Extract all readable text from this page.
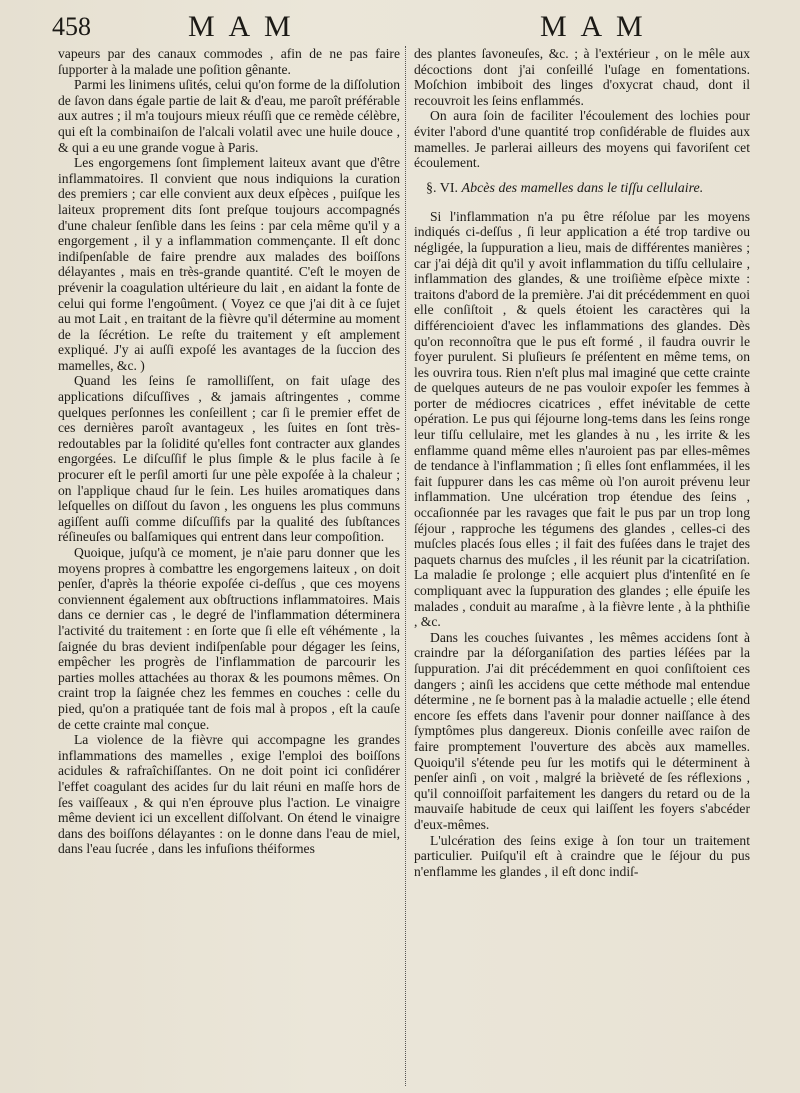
458	M A M	M A M

vapeurs par des canaux commodes , afin de ne pas faire ſupporter à la malade une poſition gênante.

Parmi les linimens uſités, celui qu'on forme de la diſſolution de ſavon dans égale partie de lait & d'eau, me paroît préférable aux autres ; il m'a toujours mieux réuſſi que ce remède célèbre, qui eſt la combinaiſon de l'alcali volatil avec une huile douce , & qui a eu une grande vogue à Paris.

Les engorgemens ſont ſimplement laiteux avant que d'être inflammatoires. Il convient que nous indiquions la curation des premiers ; car elle convient aux deux eſpèces , puiſque les laiteux proprement dits ſont preſque toujours accompagnés d'une chaleur ſenſible dans les ſeins : par cela même qu'il y a engorgement , il y a inflammation commençante. Il eſt donc indiſpenſable de faire prendre aux malades des boiſſons délayantes , mais en très-grande quantité. C'eſt le moyen de prévenir la coagulation ultérieure du lait , en aidant la fonte de celui qui forme l'engoûment. ( Voyez ce que j'ai dit à ce ſujet au mot Lait , en traitant de la fièvre qu'il détermine au moment de la ſécrétion. Le reſte du traitement y eſt amplement expliqué. J'y ai auſſi expoſé les avantages de la ſuccion des mamelles, &c. )

Quand les ſeins ſe ramolliſſent, on fait uſage des applications diſcuſſives , & jamais aſtringentes , comme quelques perſonnes les conſeillent ; car ſi le premier effet de ces dernières paroît avantageux , les ſuites en ſont très-redoutables par la ſolidité qu'elles font contracter aux glandes engorgées. Le diſcuſſif le plus ſimple & le plus facile à ſe procurer eſt le perſil amorti ſur une pèle expoſée à la chaleur ; on l'applique chaud ſur le ſein. Les huiles aromatiques dans leſquelles on diſſout du ſavon , les onguens les plus communs agiſſent auſſi comme diſcuſſifs par la qualité des ſubſtances réſineuſes ou balſamiques qui entrent dans leur compoſition.

Quoique, juſqu'à ce moment, je n'aie paru donner que les moyens propres à combattre les engorgemens laiteux , on doit penſer, d'après la théorie expoſée ci-deſſus , que ces moyens conviennent également aux obſtructions inflammatoires. Mais dans ce dernier cas , le degré de l'inflammation déterminera l'activité du traitement : en ſorte que ſi elle eſt véhémente , la ſaignée du bras devient indiſpenſable pour dégager les ſeins, empêcher les progrès de l'inflammation de parcourir les parties molles attachées au thorax & les poumons mêmes. On craint trop la ſaignée chez les femmes en couches : celle du pied, qu'on a pratiquée tant de fois mal à propos , eſt la cauſe de cette crainte mal conçue.

La violence de la fièvre qui accompagne les grandes inflammations des mamelles , exige l'emploi des boiſſons acidules & rafraîchiſſantes. On ne doit point ici conſidérer l'effet coagulant des acides ſur du lait réuni en maſſe hors de ſes vaiſſeaux , & qui n'en éprouve plus l'action. Le vinaigre même devient ici un excellent diſſolvant. On étend le vinaigre dans des boiſſons délayantes : on le donne dans l'eau de miel, dans l'eau ſucrée , dans les infuſions théiformes

des plantes ſavoneuſes, &c. ; à l'extérieur , on le mêle aux décoctions dont j'ai conſeillé l'uſage en fomentations. Moſchion imbiboit des linges d'oxycrat chaud, dont il recouvroit les ſeins enflammés.

On aura ſoin de faciliter l'écoulement des lochies pour éviter l'abord d'une quantité trop conſidérable de fluides aux mamelles. Je parlerai ailleurs des moyens qui favoriſent cet écoulement.

§. VI. Abcès des mamelles dans le tiſſu cellulaire.

Si l'inflammation n'a pu être réſolue par les moyens indiqués ci-deſſus , ſi leur application a été trop tardive ou négligée, la ſuppuration a lieu, mais de différentes manières ; car j'ai déjà dit qu'il y avoit inflammation du tiſſu cellulaire , inflammation des glandes, & une troiſième eſpèce mixte : traitons d'abord de la première. J'ai dit précédemment en quoi elle conſiſtoit , & quels étoient les caractères qui la différencioient d'avec les inflammations des glandes. Dès qu'on reconnoîtra que le pus eſt formé , il faudra ouvrir le foyer purulent. Si pluſieurs ſe préſentent en même tems, on les ouvrira tous. Rien n'eſt plus mal imaginé que cette crainte de quelques auteurs de ne pas vouloir expoſer les femmes à porter de médiocres cicatrices , effet inévitable de cette opération. Le pus qui ſéjourne long-tems dans les ſeins ronge leur tiſſu cellulaire, met les glandes à nu , les irrite & les enflamme quand même elles n'auroient pas par elles-mêmes de tendance à l'inflammation ; ſi elles ſont enflammées, il les fait ſuppurer dans les cas même où l'on auroit prévenu leur inflammation. Une ulcération trop étendue des ſeins , occaſionnée par les ravages que fait le pus par un trop long ſéjour , rapproche les tégumens des glandes , celles-ci des muſcles placés ſous elles ; il fait des fuſées dans le trajet des paquets charnus des muſcles , il les réunit par la cicatriſation. La maladie ſe prolonge ; elle acquiert plus d'intenſité en ſe compliquant avec la ſuppuration des glandes ; elle épuiſe les malades , conduit au maraſme , à la fièvre lente , à la phthiſie , &c.

Dans les couches ſuivantes , les mêmes accidens ſont à craindre par la déſorganiſation des parties léſées par la ſuppuration. J'ai dit précédemment en quoi conſiſtoient ces dangers ; ainſi les accidens que cette méthode mal entendue détermine , ne ſe bornent pas à la maladie actuelle ; elle étend encore ſes effets dans l'avenir pour donner naiſſance à des ſymptômes plus dangereux. Dionis conſeille avec raiſon de faire promptement l'ouverture des abcès aux mamelles. Quoiqu'il s'étende peu ſur les motifs qui le déterminent à penſer ainſi , on voit , malgré la brièveté de ſes réflexions , qu'il connoiſſoit parfaitement les dangers du retard ou de la mauvaiſe habitude de ceux qui laiſſent les foyers s'abcéder d'eux-mêmes.

L'ulcération des ſeins exige à ſon tour un traitement particulier. Puiſqu'il eſt à craindre que le ſéjour du pus n'enflamme les glandes , il eſt donc indiſ-
